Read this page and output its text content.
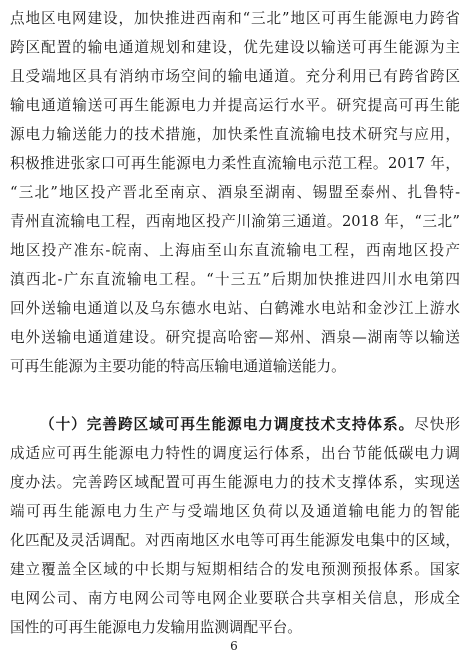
点地区电网建设，加快推进西南和“三北”地区可再生能源电力跨省
跨区配置的输电通道规划和建设，优先建设以输送可再生能源为主
且受端地区具有消纳市场空间的输电通道。充分利用已有跨省跨区
输电通道输送可再生能源电力并提高运行水平。研究提高可再生能
源电力输送能力的技术措施，加快柔性直流输电技术研究与应用，
积极推进张家口可再生能源电力柔性直流输电示范工程。2017 年，
“三北”地区投产晋北至南京、酒泉至湖南、锡盟至泰州、扎鲁特-
青州直流输电工程，西南地区投产川渝第三通道。2018 年，“三北”
地区投产准东-皖南、上海庙至山东直流输电工程，西南地区投产
滇西北-广东直流输电工程。“十三五”后期加快推进四川水电第四
回外送输电通道以及乌东德水电站、白鹤滩水电站和金沙江上游水
电外送输电通道建设。研究提高哈密—郑州、酒泉—湖南等以输送
可再生能源为主要功能的特高压输电通道输送能力。
（十）完善跨区域可再生能源电力调度技术支持体系。尽快形
成适应可再生能源电力特性的调度运行体系，出台节能低碳电力调
度办法。完善跨区域配置可再生能源电力的技术支撑体系，实现送
端可再生能源电力生产与受端地区负荷以及通道输电能力的智能
化匹配及灵活调配。对西南地区水电等可再生能源发电集中的区域，
建立覆盖全区域的中长期与短期相结合的发电预测预报体系。国家
电网公司、南方电网公司等电网企业要联合共享相关信息，形成全
国性的可再生能源电力发输用监测调配平台。
6
